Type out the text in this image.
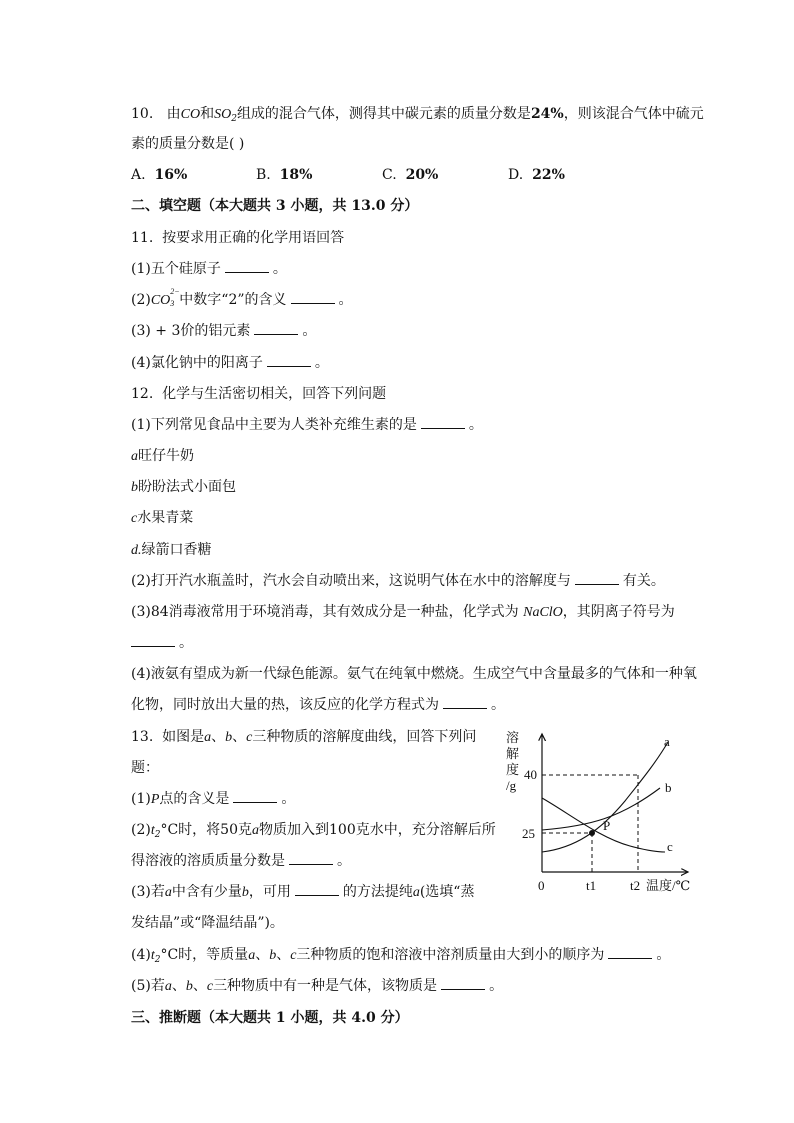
10. 由CO和$SO_2$组成的混合气体，测得其中碳元素的质量分数是24%，则该混合气体中硫元
素的质量分数是( )
A. 16%	B. 18%	C. 20%	D. 22%
二、填空题（本大题共 3 小题，共 13.0 分）
11. 按要求用正确的化学用语回答
(1)五个硅原子	。
(2)CO
2−
3 中数字“2”的含义	。
(3) + 3价的铝元素	。
(4)氯化钠中的阳离子	。
12. 化学与生活密切相关，回答下列问题
(1)下列常见食品中主要为人类补充维生素的是	。
a旺仔牛奶
b盼盼法式小面包
c水果青菜
d.绿箭口香糖
(2)打开汽水瓶盖时，汽水会自动喷出来，这说明气体在水中的溶解度与	有关。
(3)84消毒液常用于环境消毒，其有效成分是一种盐，化学式为 NaClO，其阴离子符号为
。
(4)液氨有望成为新一代绿色能源。氨气在纯氧中燃烧。生成空气中含量最多的气体和一种氧
化物，同时放出大量的热，该反应的化学方程式为	。
13. 如图是a、b、c三种物质的溶解度曲线，回答下列问
题：
(1)P点的含义是	。
$(2)t_2^\circ C$时，将50克a物质加入到100克水中，充分溶解后所
得溶液的溶质质量分数是	。
(3)若a中含有少量b，可用	的方法提纯a(选填“蒸
发结晶”或“降温结晶”)。
$(4)t_2^\circ C$时，等质量a、b、c三种物质的饱和溶液中溶剂质量由大到小的顺序为	。
(5)若a、b、c三种物质中有一种是气体，该物质是	。
三、推断题（本大题共 1 小题，共 4.0 分）
溶
解
度
/g
40
25
0	t1	t2 温度/℃
a
b
c
P
